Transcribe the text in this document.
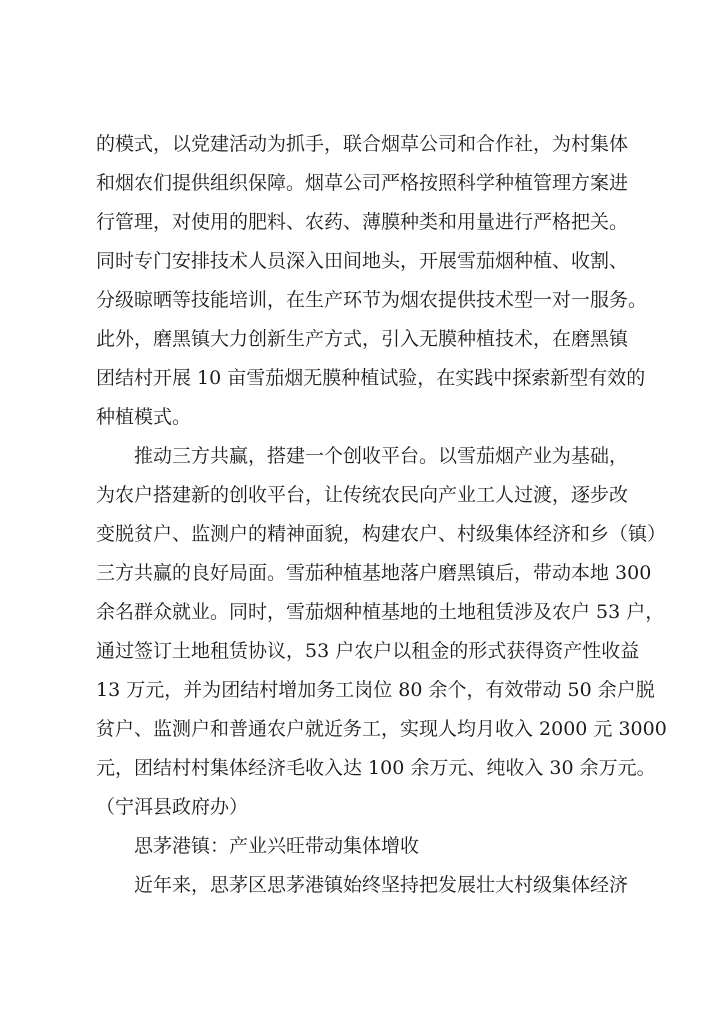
的模式，以党建活动为抓手，联合烟草公司和合作社，为村集体
和烟农们提供组织保障。烟草公司严格按照科学种植管理方案进
行管理，对使用的肥料、农药、薄膜种类和用量进行严格把关。
同时专门安排技术人员深入田间地头，开展雪茄烟种植、收割、
分级晾晒等技能培训，在生产环节为烟农提供技术型一对一服务。
此外，磨黑镇大力创新生产方式，引入无膜种植技术，在磨黑镇
团结村开展 10 亩雪茄烟无膜种植试验，在实践中探索新型有效的
种植模式。
推动三方共赢，搭建一个创收平台。以雪茄烟产业为基础，
为农户搭建新的创收平台，让传统农民向产业工人过渡，逐步改
变脱贫户、监测户的精神面貌，构建农户、村级集体经济和乡（镇）
三方共赢的良好局面。雪茄种植基地落户磨黑镇后，带动本地 300
余名群众就业。同时，雪茄烟种植基地的土地租赁涉及农户 53 户，
通过签订土地租赁协议，53 户农户以租金的形式获得资产性收益
13 万元，并为团结村增加务工岗位 80 余个，有效带动 50 余户脱
贫户、监测户和普通农户就近务工，实现人均月收入 2000 元 3000
元，团结村村集体经济毛收入达 100 余万元、纯收入 30 余万元。
（宁洱县政府办）
思茅港镇：产业兴旺带动集体增收
近年来，思茅区思茅港镇始终坚持把发展壮大村级集体经济
